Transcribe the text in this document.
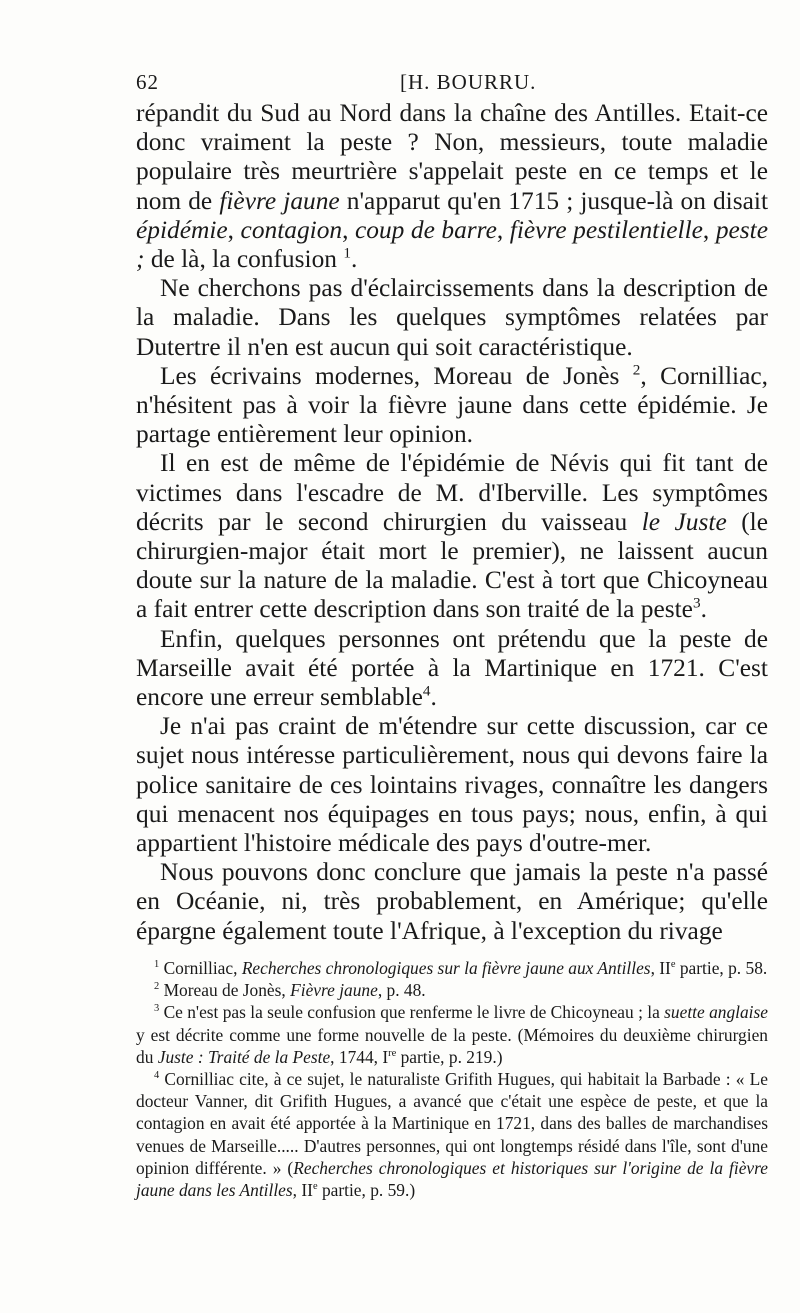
62	[H. BOURRU.

répandit du Sud au Nord dans la chaîne des Antilles. Etait-ce donc vraiment la peste ? Non, messieurs, toute maladie populaire très meurtrière s'appelait peste en ce temps et le nom de fièvre jaune n'apparut qu'en 1715 ; jusque-là on disait épidémie, contagion, coup de barre, fièvre pestilentielle, peste ; de là, la confusion $^1$.

Ne cherchons pas d'éclaircissements dans la description de la maladie. Dans les quelques symptômes relatées par Dutertre il n'en est aucun qui soit caractéristique.

Les écrivains modernes, Moreau de Jonès $^2$, Cornilliac, n'hésitent pas à voir la fièvre jaune dans cette épidémie. Je partage entièrement leur opinion.

Il en est de même de l'épidémie de Névis qui fit tant de victimes dans l'escadre de M. d'Iberville. Les symptômes décrits par le second chirurgien du vaisseau le Juste (le chirurgien-major était mort le premier), ne laissent aucun doute sur la nature de la maladie. C'est à tort que Chicoyneau a fait entrer cette description dans son traité de la peste$^3$.

Enfin, quelques personnes ont prétendu que la peste de Marseille avait été portée à la Martinique en 1721. C'est encore une erreur semblable$^4$.

Je n'ai pas craint de m'étendre sur cette discussion, car ce sujet nous intéresse particulièrement, nous qui devons faire la police sanitaire de ces lointains rivages, connaître les dangers qui menacent nos équipages en tous pays; nous, enfin, à qui appartient l'histoire médicale des pays d'outre-mer.

Nous pouvons donc conclure que jamais la peste n'a passé en Océanie, ni, très probablement, en Amérique; qu'elle épargne également toute l'Afrique, à l'exception du rivage

$^1$ Cornilliac, Recherches chronologiques sur la fièvre jaune aux Antilles, IIe partie, p. 58.

$^2$ Moreau de Jonès, Fièvre jaune, p. 48.

$^3$ Ce n'est pas la seule confusion que renferme le livre de Chicoyneau ; la suette anglaise y est décrite comme une forme nouvelle de la peste. (Mémoires du deuxième chirurgien du Juste : Traité de la Peste, 1744, Ire partie, p. 219.)

$^4$ Cornilliac cite, à ce sujet, le naturaliste Grifith Hugues, qui habitait la Barbade : « Le docteur Vanner, dit Grifith Hugues, a avancé que c'était une espèce de peste, et que la contagion en avait été apportée à la Martinique en 1721, dans des balles de marchandises venues de Marseille..... D'autres personnes, qui ont longtemps résidé dans l'île, sont d'une opinion différente. » (Recherches chronologiques et historiques sur l'origine de la fièvre jaune dans les Antilles, IIe partie, p. 59.)
